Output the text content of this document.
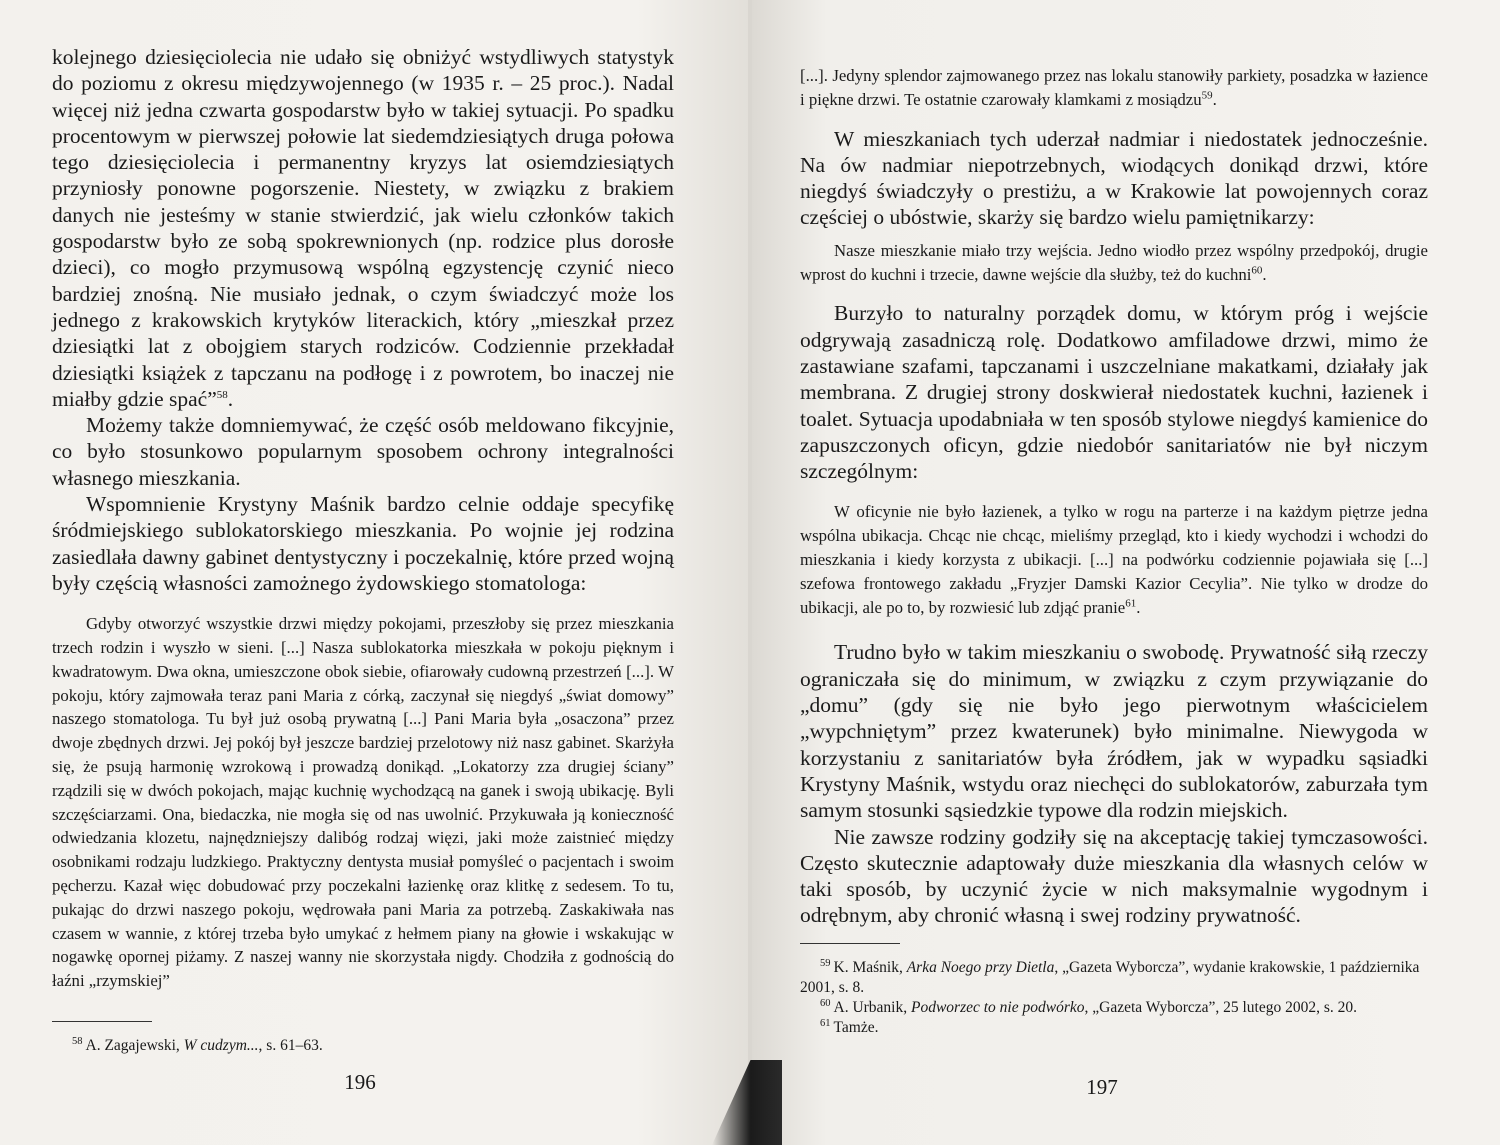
kolejnego dziesięciolecia nie udało się obniżyć wstydliwych statystyk do poziomu z okresu międzywojennego (w 1935 r. – 25 proc.). Nadal więcej niż jedna czwarta gospodarstw było w takiej sytuacji. Po spadku procentowym w pierwszej połowie lat siedemdziesiątych druga połowa tego dziesięciolecia i permanentny kryzys lat osiemdziesiątych przyniosły ponowne pogorszenie. Niestety, w związku z brakiem danych nie jesteśmy w stanie stwierdzić, jak wielu członków takich gospodarstw było ze sobą spokrewnionych (np. rodzice plus dorosłe dzieci), co mogło przymusową wspólną egzystencję czynić nieco bardziej znośną. Nie musiało jednak, o czym świadczyć może los jednego z krakowskich krytyków literackich, który „mieszkał przez dziesiątki lat z obojgiem starych rodziców. Codziennie przekładał dziesiątki książek z tapczanu na podłogę i z powrotem, bo inaczej nie miałby gdzie spać”$^{58}$.

Możemy także domniemywać, że część osób meldowano fikcyjnie, co było stosunkowo popularnym sposobem ochrony integralności własnego mieszkania.

Wspomnienie Krystyny Maśnik bardzo celnie oddaje specyfikę śródmiejskiego sublokatorskiego mieszkania. Po wojnie jej rodzina zasiedlała dawny gabinet dentystyczny i poczekalnię, które przed wojną były częścią własności zamożnego żydowskiego stomatologa:

Gdyby otworzyć wszystkie drzwi między pokojami, przeszłoby się przez mieszkania trzech rodzin i wyszło w sieni. [...] Nasza sublokatorka mieszkała w pokoju pięknym i kwadratowym. Dwa okna, umieszczone obok siebie, ofiarowały cudowną przestrzeń [...]. W pokoju, który zajmowała teraz pani Maria z córką, zaczynał się niegdyś „świat domowy” naszego stomatologa. Tu był już osobą prywatną [...] Pani Maria była „osaczona” przez dwoje zbędnych drzwi. Jej pokój był jeszcze bardziej przelotowy niż nasz gabinet. Skarżyła się, że psują harmonię wzrokową i prowadzą donikąd. „Lokatorzy zza drugiej ściany” rządzili się w dwóch pokojach, mając kuchnię wychodzącą na ganek i swoją ubikację. Byli szczęściarzami. Ona, biedaczka, nie mogła się od nas uwolnić. Przykuwała ją konieczność odwiedzania klozetu, najnędzniejszy dalibóg rodzaj więzi, jaki może zaistnieć między osobnikami rodzaju ludzkiego. Praktyczny dentysta musiał pomyśleć o pacjentach i swoim pęcherzu. Kazał więc dobudować przy poczekalni łazienkę oraz klitkę z sedesem. To tu, pukając do drzwi naszego pokoju, wędrowała pani Maria za potrzebą. Zaskakiwała nas czasem w wannie, z której trzeba było umykać z hełmem piany na głowie i wskakując w nogawkę opornej piżamy. Z naszej wanny nie skorzystała nigdy. Chodziła z godnością do łaźni „rzymskiej”

$^{58}$ A. Zagajewski, W cudzym..., s. 61–63.

196

[...]. Jedyny splendor zajmowanego przez nas lokalu stanowiły parkiety, posadzka w łazience i piękne drzwi. Te ostatnie czarowały klamkami z mosiądzu$^{59}$.

W mieszkaniach tych uderzał nadmiar i niedostatek jednocześnie. Na ów nadmiar niepotrzebnych, wiodących donikąd drzwi, które niegdyś świadczyły o prestiżu, a w Krakowie lat powojennych coraz częściej o ubóstwie, skarży się bardzo wielu pamiętnikarzy:

Nasze mieszkanie miało trzy wejścia. Jedno wiodło przez wspólny przedpokój, drugie wprost do kuchni i trzecie, dawne wejście dla służby, też do kuchni$^{60}$.

Burzyło to naturalny porządek domu, w którym próg i wejście odgrywają zasadniczą rolę. Dodatkowo amfiladowe drzwi, mimo że zastawiane szafami, tapczanami i uszczelniane makatkami, działały jak membrana. Z drugiej strony doskwierał niedostatek kuchni, łazienek i toalet. Sytuacja upodabniała w ten sposób stylowe niegdyś kamienice do zapuszczonych oficyn, gdzie niedobór sanitariatów nie był niczym szczególnym:

W oficynie nie było łazienek, a tylko w rogu na parterze i na każdym piętrze jedna wspólna ubikacja. Chcąc nie chcąc, mieliśmy przegląd, kto i kiedy wychodzi i wchodzi do mieszkania i kiedy korzysta z ubikacji. [...] na podwórku codziennie pojawiała się [...] szefowa frontowego zakładu „Fryzjer Damski Kazior Cecylia”. Nie tylko w drodze do ubikacji, ale po to, by rozwiesić lub zdjąć pranie$^{61}$.

Trudno było w takim mieszkaniu o swobodę. Prywatność siłą rzeczy ograniczała się do minimum, w związku z czym przywiązanie do „domu” (gdy się nie było jego pierwotnym właścicielem „wypchniętym” przez kwaterunek) było minimalne. Niewygoda w korzystaniu z sanitariatów była źródłem, jak w wypadku sąsiadki Krystyny Maśnik, wstydu oraz niechęci do sublokatorów, zaburzała tym samym stosunki sąsiedzkie typowe dla rodzin miejskich.

Nie zawsze rodziny godziły się na akceptację takiej tymczasowości. Często skutecznie adaptowały duże mieszkania dla własnych celów w taki sposób, by uczynić życie w nich maksymalnie wygodnym i odrębnym, aby chronić własną i swej rodziny prywatność.

$^{59}$ K. Maśnik, Arka Noego przy Dietla, „Gazeta Wyborcza”, wydanie krakowskie, 1 października 2001, s. 8.

$^{60}$ A. Urbanik, Podworzec to nie podwórko, „Gazeta Wyborcza”, 25 lutego 2002, s. 20.

$^{61}$ Tamże.

197
